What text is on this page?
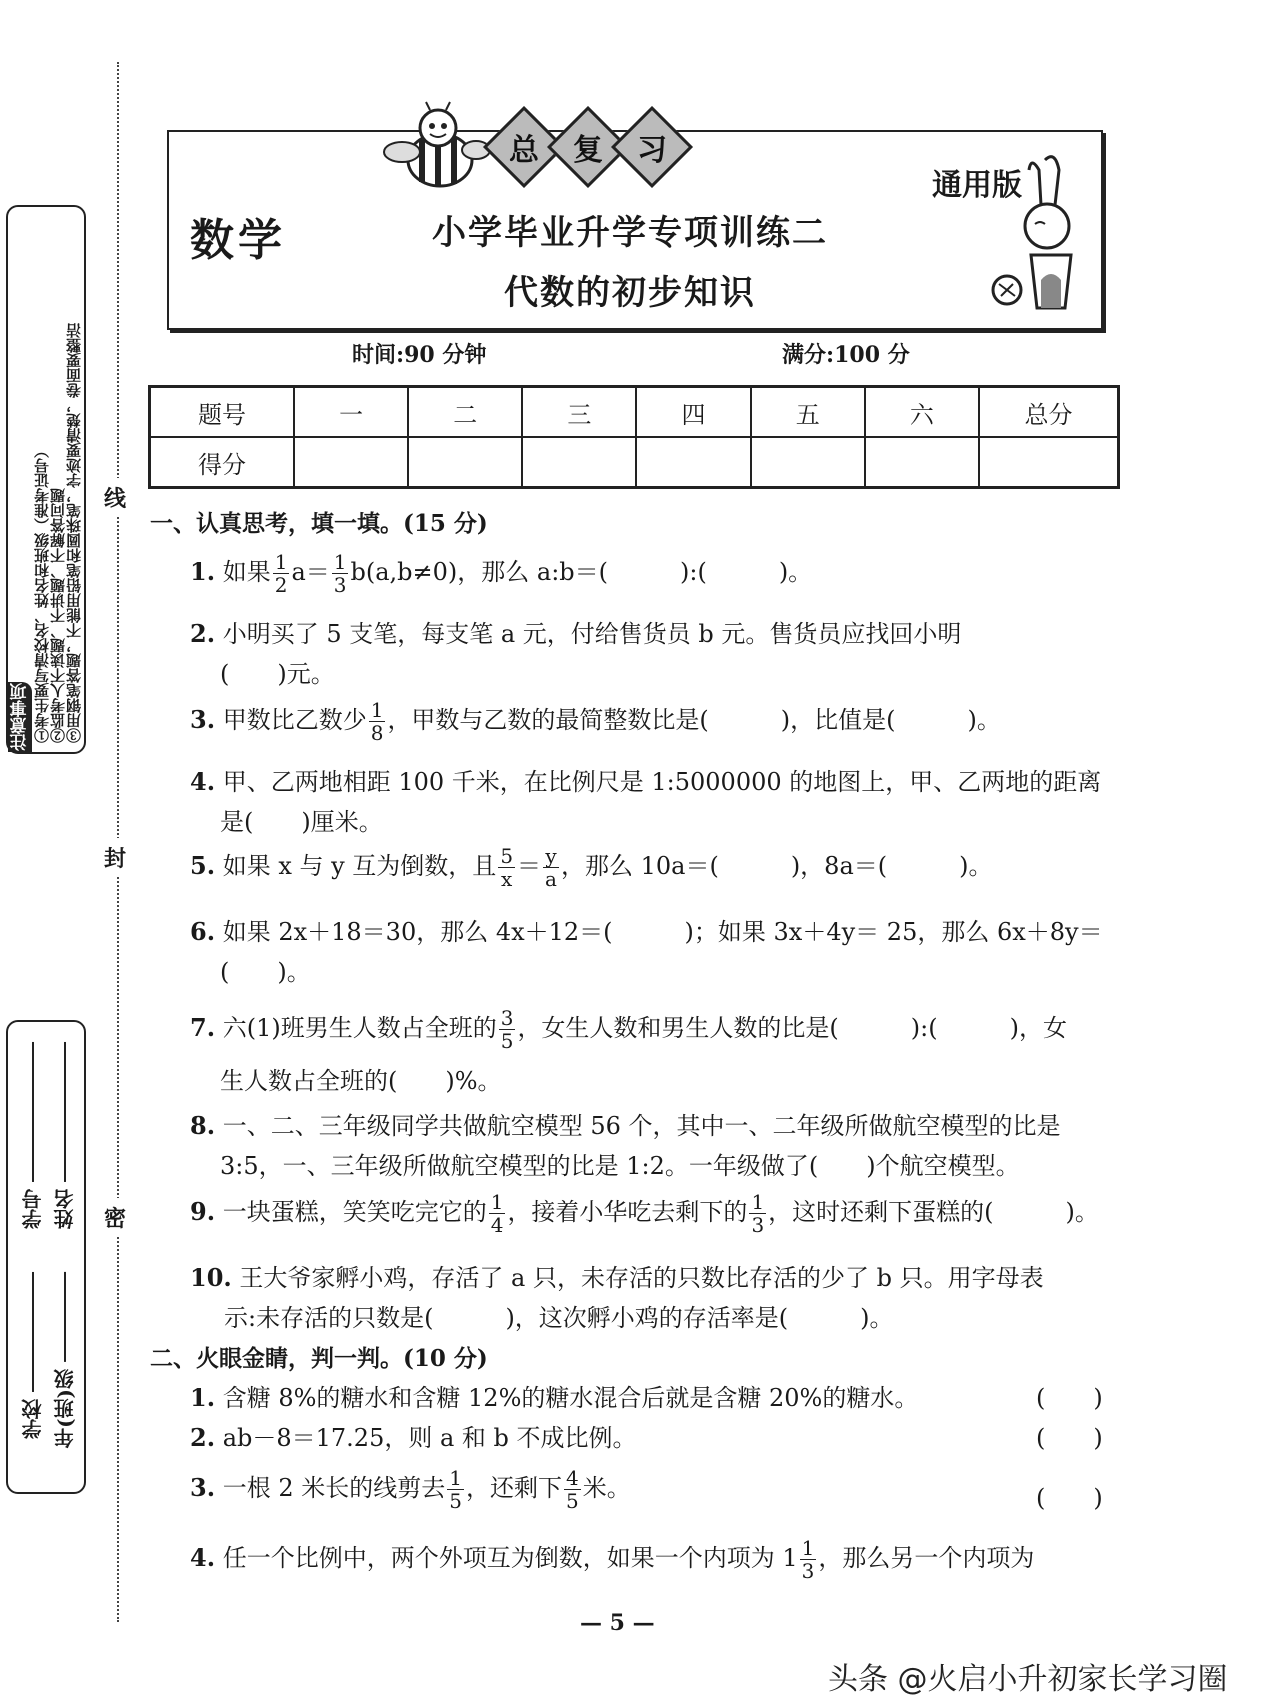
线
封
密
注意事项 ①考生要写清校名、姓名和班级（准考证号）
②监考人不读题、不讲题、不解答问题
③用钢笔答题，不能用铅笔和圆珠笔，字迹要清楚，卷面要整洁
学校 年(班)级
学号 姓名
总 复 习
数学	小学毕业升学专项训练二
代数的初步知识
通用版
时间:90 分钟	满分:100 分
题号	一	二	三	四	五	六	总分
得分							
一、认真思考，填一填。(15 分)
1. 如果 $\frac{1}{2} a= \frac{1}{3} b(a,b\ne 0)$，那么 a:b＝(　　　):(　　　)。
2. 小明买了 5 支笔，每支笔 a 元，付给售货员 b 元。售货员应找回小明
(　　)元。
3. 甲数比乙数少 $\frac{1}{8}$ ，甲数与乙数的最简整数比是(　　　)，比值是(　　　)。
4. 甲、乙两地相距 100 千米，在比例尺是 1:5000000 的地图上，甲、乙两地的距离
是(　　)厘米。
5. 如果 x 与 y 互为倒数，且 $\frac{5}{x} = \frac{y}{a}$ ，那么 10a＝(　　　)，8a＝(　　　)。
6. 如果 2x＋18＝30，那么 4x＋12＝(　　　)；如果 3x＋4y＝ 25，那么 6x＋8y＝
(　　)。
7. 六(1)班男生人数占全班的 $\frac{3}{5}$ ，女生人数和男生人数的比是(　　　):(　　　)，女
生人数占全班的(　　)%。
8. 一、二、三年级同学共做航空模型 56 个，其中一、二年级所做航空模型的比是
3:5，一、三年级所做航空模型的比是 1:2。一年级做了(　　)个航空模型。
9. 一块蛋糕，笑笑吃完它的 $\frac{1}{4}$ ，接着小华吃去剩下的 $\frac{1}{3}$ ，这时还剩下蛋糕的(　　　)。
10. 王大爷家孵小鸡，存活了 a 只，未存活的只数比存活的少了 b 只。用字母表
示:未存活的只数是(　　　)，这次孵小鸡的存活率是(　　　)。
二、火眼金睛，判一判。(10 分)
1. 含糖 8%的糖水和含糖 12%的糖水混合后就是含糖 20%的糖水。	(　　)
2. ab－8＝17.25，则 a 和 b 不成比例。	(　　)
3. 一根 2 米长的线剪去 $\frac{1}{5}$ ，还剩下 $\frac{4}{5}$ 米。	(　　)
4. 任一个比例中，两个外项互为倒数，如果一个内项为 $1 \frac{1}{3}$ ，那么另一个内项为
— 5 —
头条 @火启小升初家长学习圈
